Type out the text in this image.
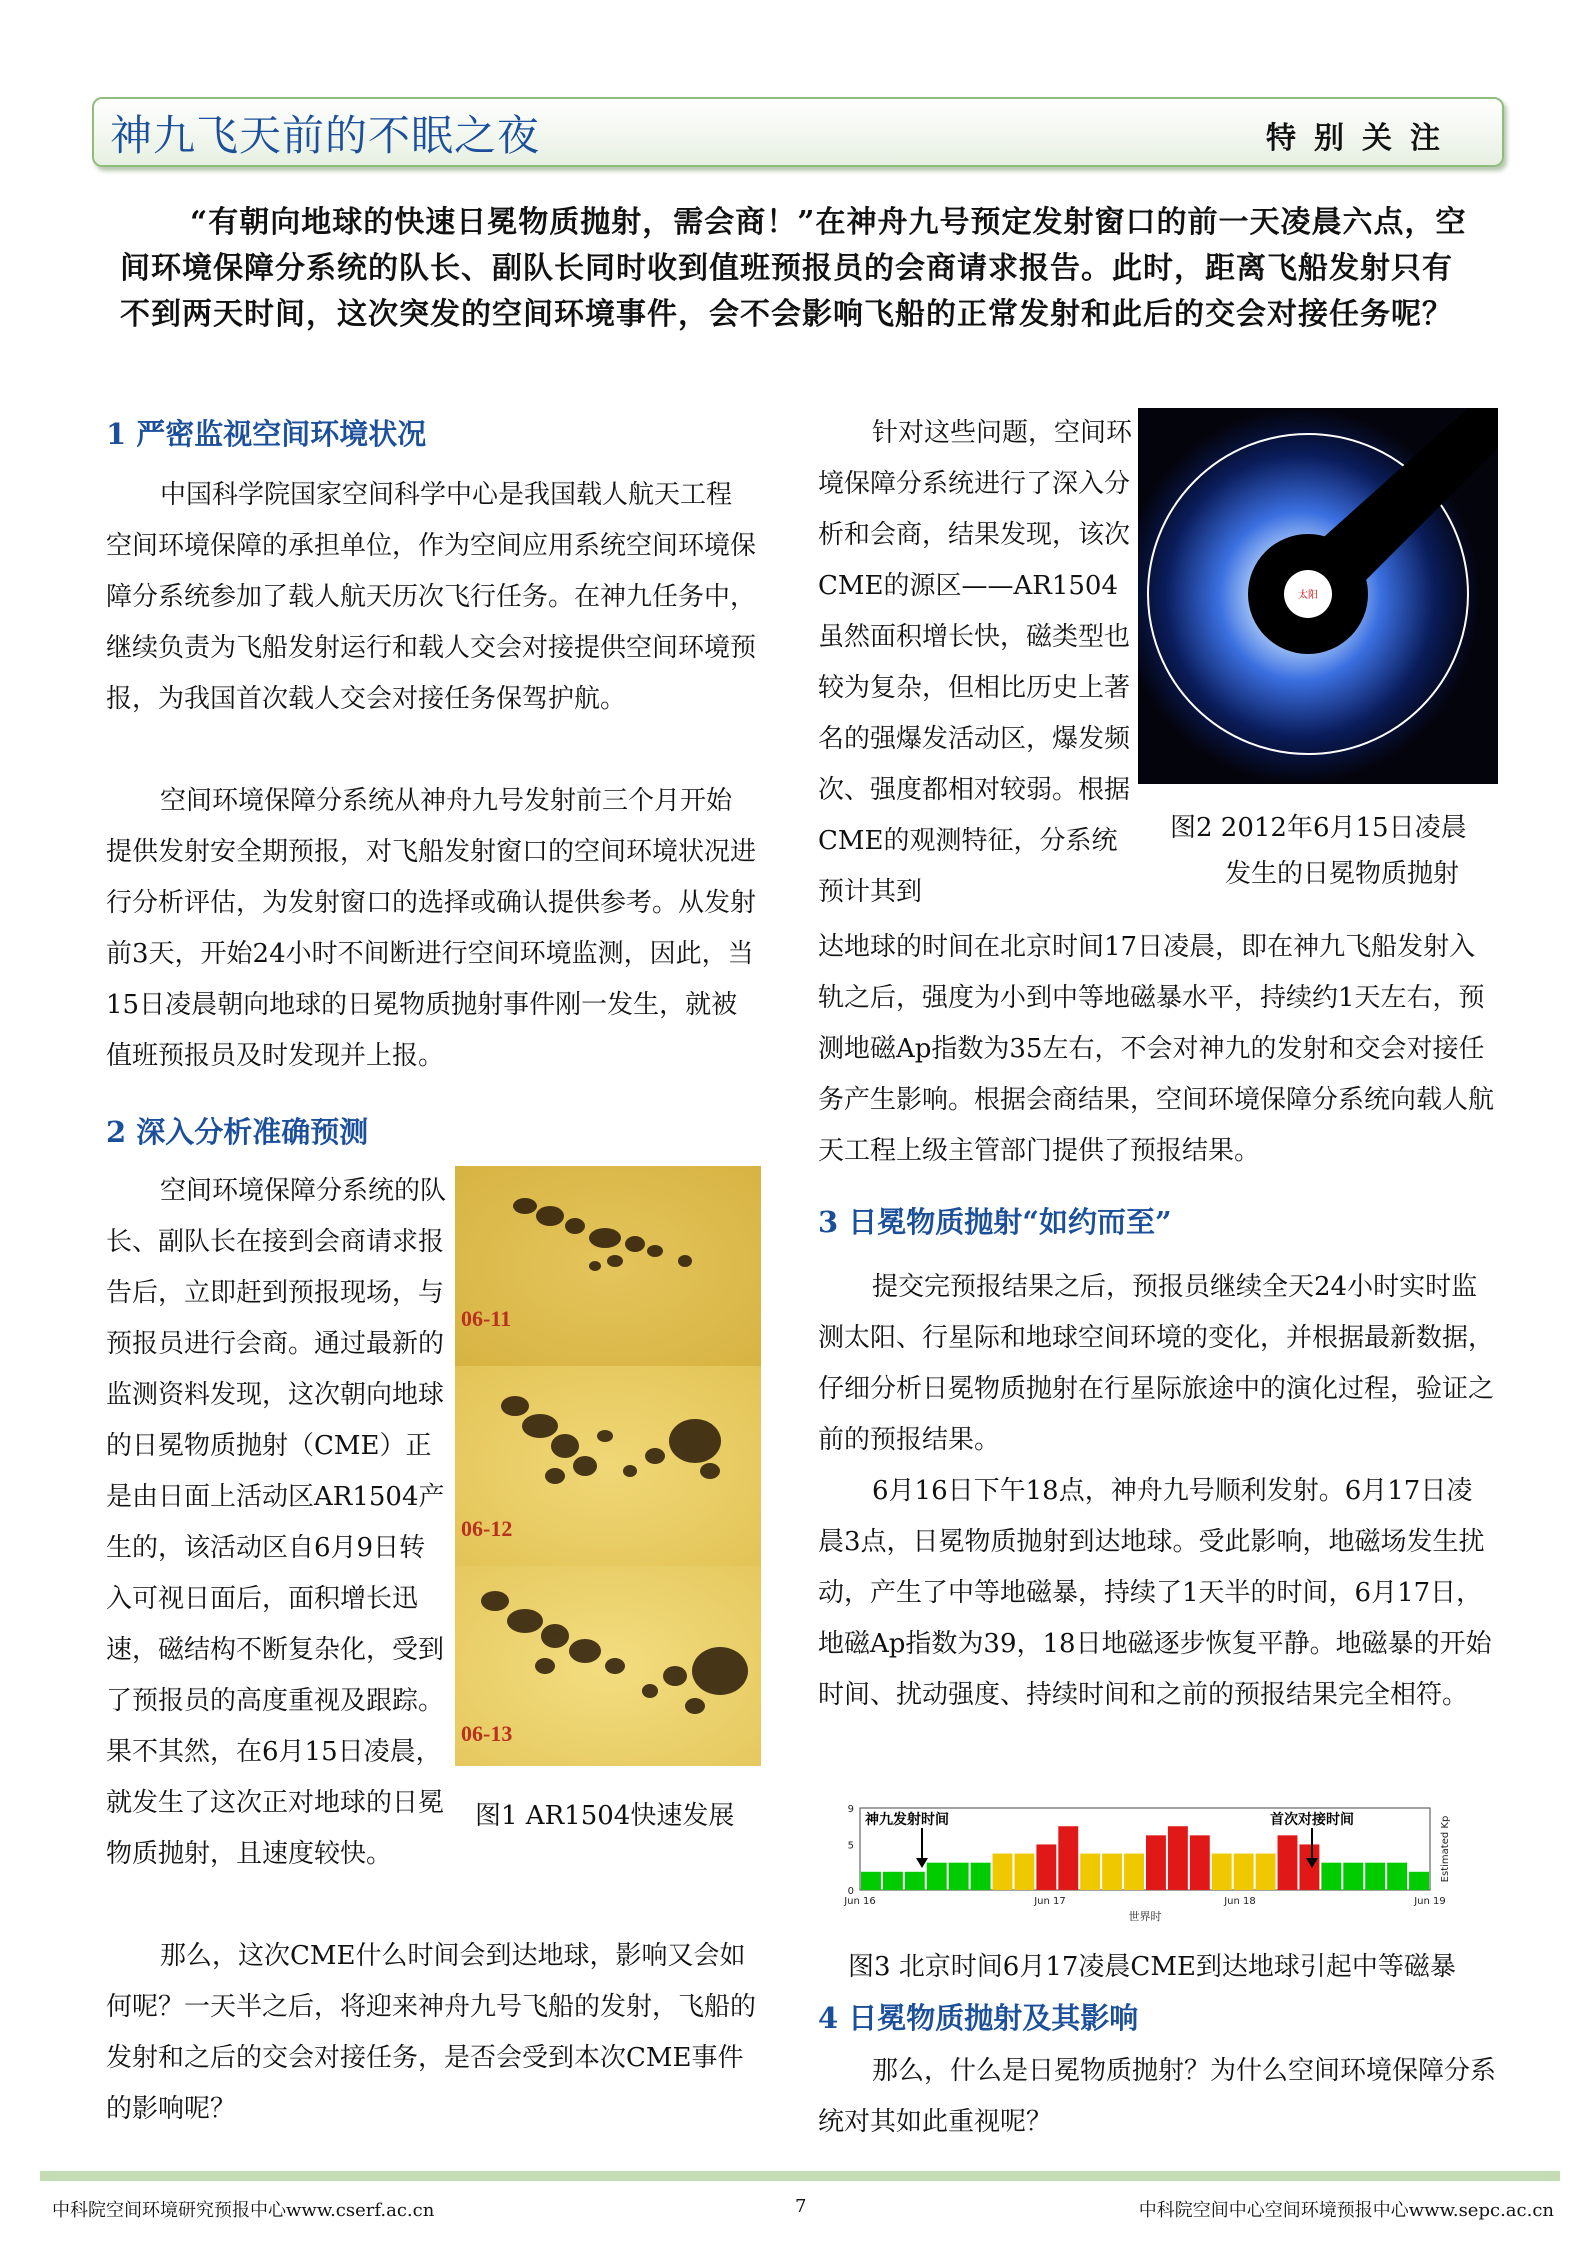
神九飞天前的不眠之夜	特别关注

“有朝向地球的快速日冕物质抛射，需会商！”在神舟九号预定发射窗口的前一天凌晨六点，空间环境保障分系统的队长、副队长同时收到值班预报员的会商请求报告。此时，距离飞船发射只有不到两天时间，这次突发的空间环境事件，会不会影响飞船的正常发射和此后的交会对接任务呢？

1 严密监视空间环境状况

中国科学院国家空间科学中心是我国载人航天工程空间环境保障的承担单位，作为空间应用系统空间环境保障分系统参加了载人航天历次飞行任务。在神九任务中，继续负责为飞船发射运行和载人交会对接提供空间环境预报，为我国首次载人交会对接任务保驾护航。

空间环境保障分系统从神舟九号发射前三个月开始提供发射安全期预报，对飞船发射窗口的空间环境状况进行分析评估，为发射窗口的选择或确认提供参考。从发射前3天，开始24小时不间断进行空间环境监测，因此，当15日凌晨朝向地球的日冕物质抛射事件刚一发生，就被值班预报员及时发现并上报。

2 深入分析准确预测

空间环境保障分系统的队长、副队长在接到会商请求报告后，立即赶到预报现场，与预报员进行会商。通过最新的监测资料发现，这次朝向地球的日冕物质抛射（CME）正是由日面上活动区AR1504产生的，该活动区自6月9日转入可视日面后，面积增长迅速，磁结构不断复杂化，受到了预报员的高度重视及跟踪。果不其然，在6月15日凌晨，就发生了这次正对地球的日冕物质抛射，且速度较快。

那么，这次CME什么时间会到达地球，影响又会如何呢？一天半之后，将迎来神舟九号飞船的发射，飞船的发射和之后的交会对接任务，是否会受到本次CME事件的影响呢？

06-11
06-12
06-13
图1 AR1504快速发展

针对这些问题，空间环境保障分系统进行了深入分析和会商，结果发现，该次CME的源区——AR1504虽然面积增长快，磁类型也较为复杂，但相比历史上著名的强爆发活动区，爆发频次、强度都相对较弱。根据CME的观测特征，分系统预计其到

太阳
图2 2012年6月15日凌晨
发生的日冕物质抛射

达地球的时间在北京时间17日凌晨，即在神九飞船发射入轨之后，强度为小到中等地磁暴水平，持续约1天左右，预测地磁Ap指数为35左右，不会对神九的发射和交会对接任务产生影响。根据会商结果，空间环境保障分系统向载人航天工程上级主管部门提供了预报结果。

3 日冕物质抛射“如约而至”

提交完预报结果之后，预报员继续全天24小时实时监测太阳、行星际和地球空间环境的变化，并根据最新数据，仔细分析日冕物质抛射在行星际旅途中的演化过程，验证之前的预报结果。

6月16日下午18点，神舟九号顺利发射。6月17日凌晨3点，日冕物质抛射到达地球。受此影响，地磁场发生扰动，产生了中等地磁暴，持续了1天半的时间，6月17日，地磁Ap指数为39，18日地磁逐步恢复平静。地磁暴的开始时间、扰动强度、持续时间和之前的预报结果完全相符。

0
5
9
Jun 16	Jun 17	Jun 18	Jun 19
世界时
Estimated Kp
神九发射时间	首次对接时间
图3 北京时间6月17凌晨CME到达地球引起中等磁暴
4 日冕物质抛射及其影响

那么，什么是日冕物质抛射？为什么空间环境保障分系统对其如此重视呢？

中科院空间环境研究预报中心www.cserf.ac.cn	7	中科院空间中心空间环境预报中心www.sepc.ac.cn
